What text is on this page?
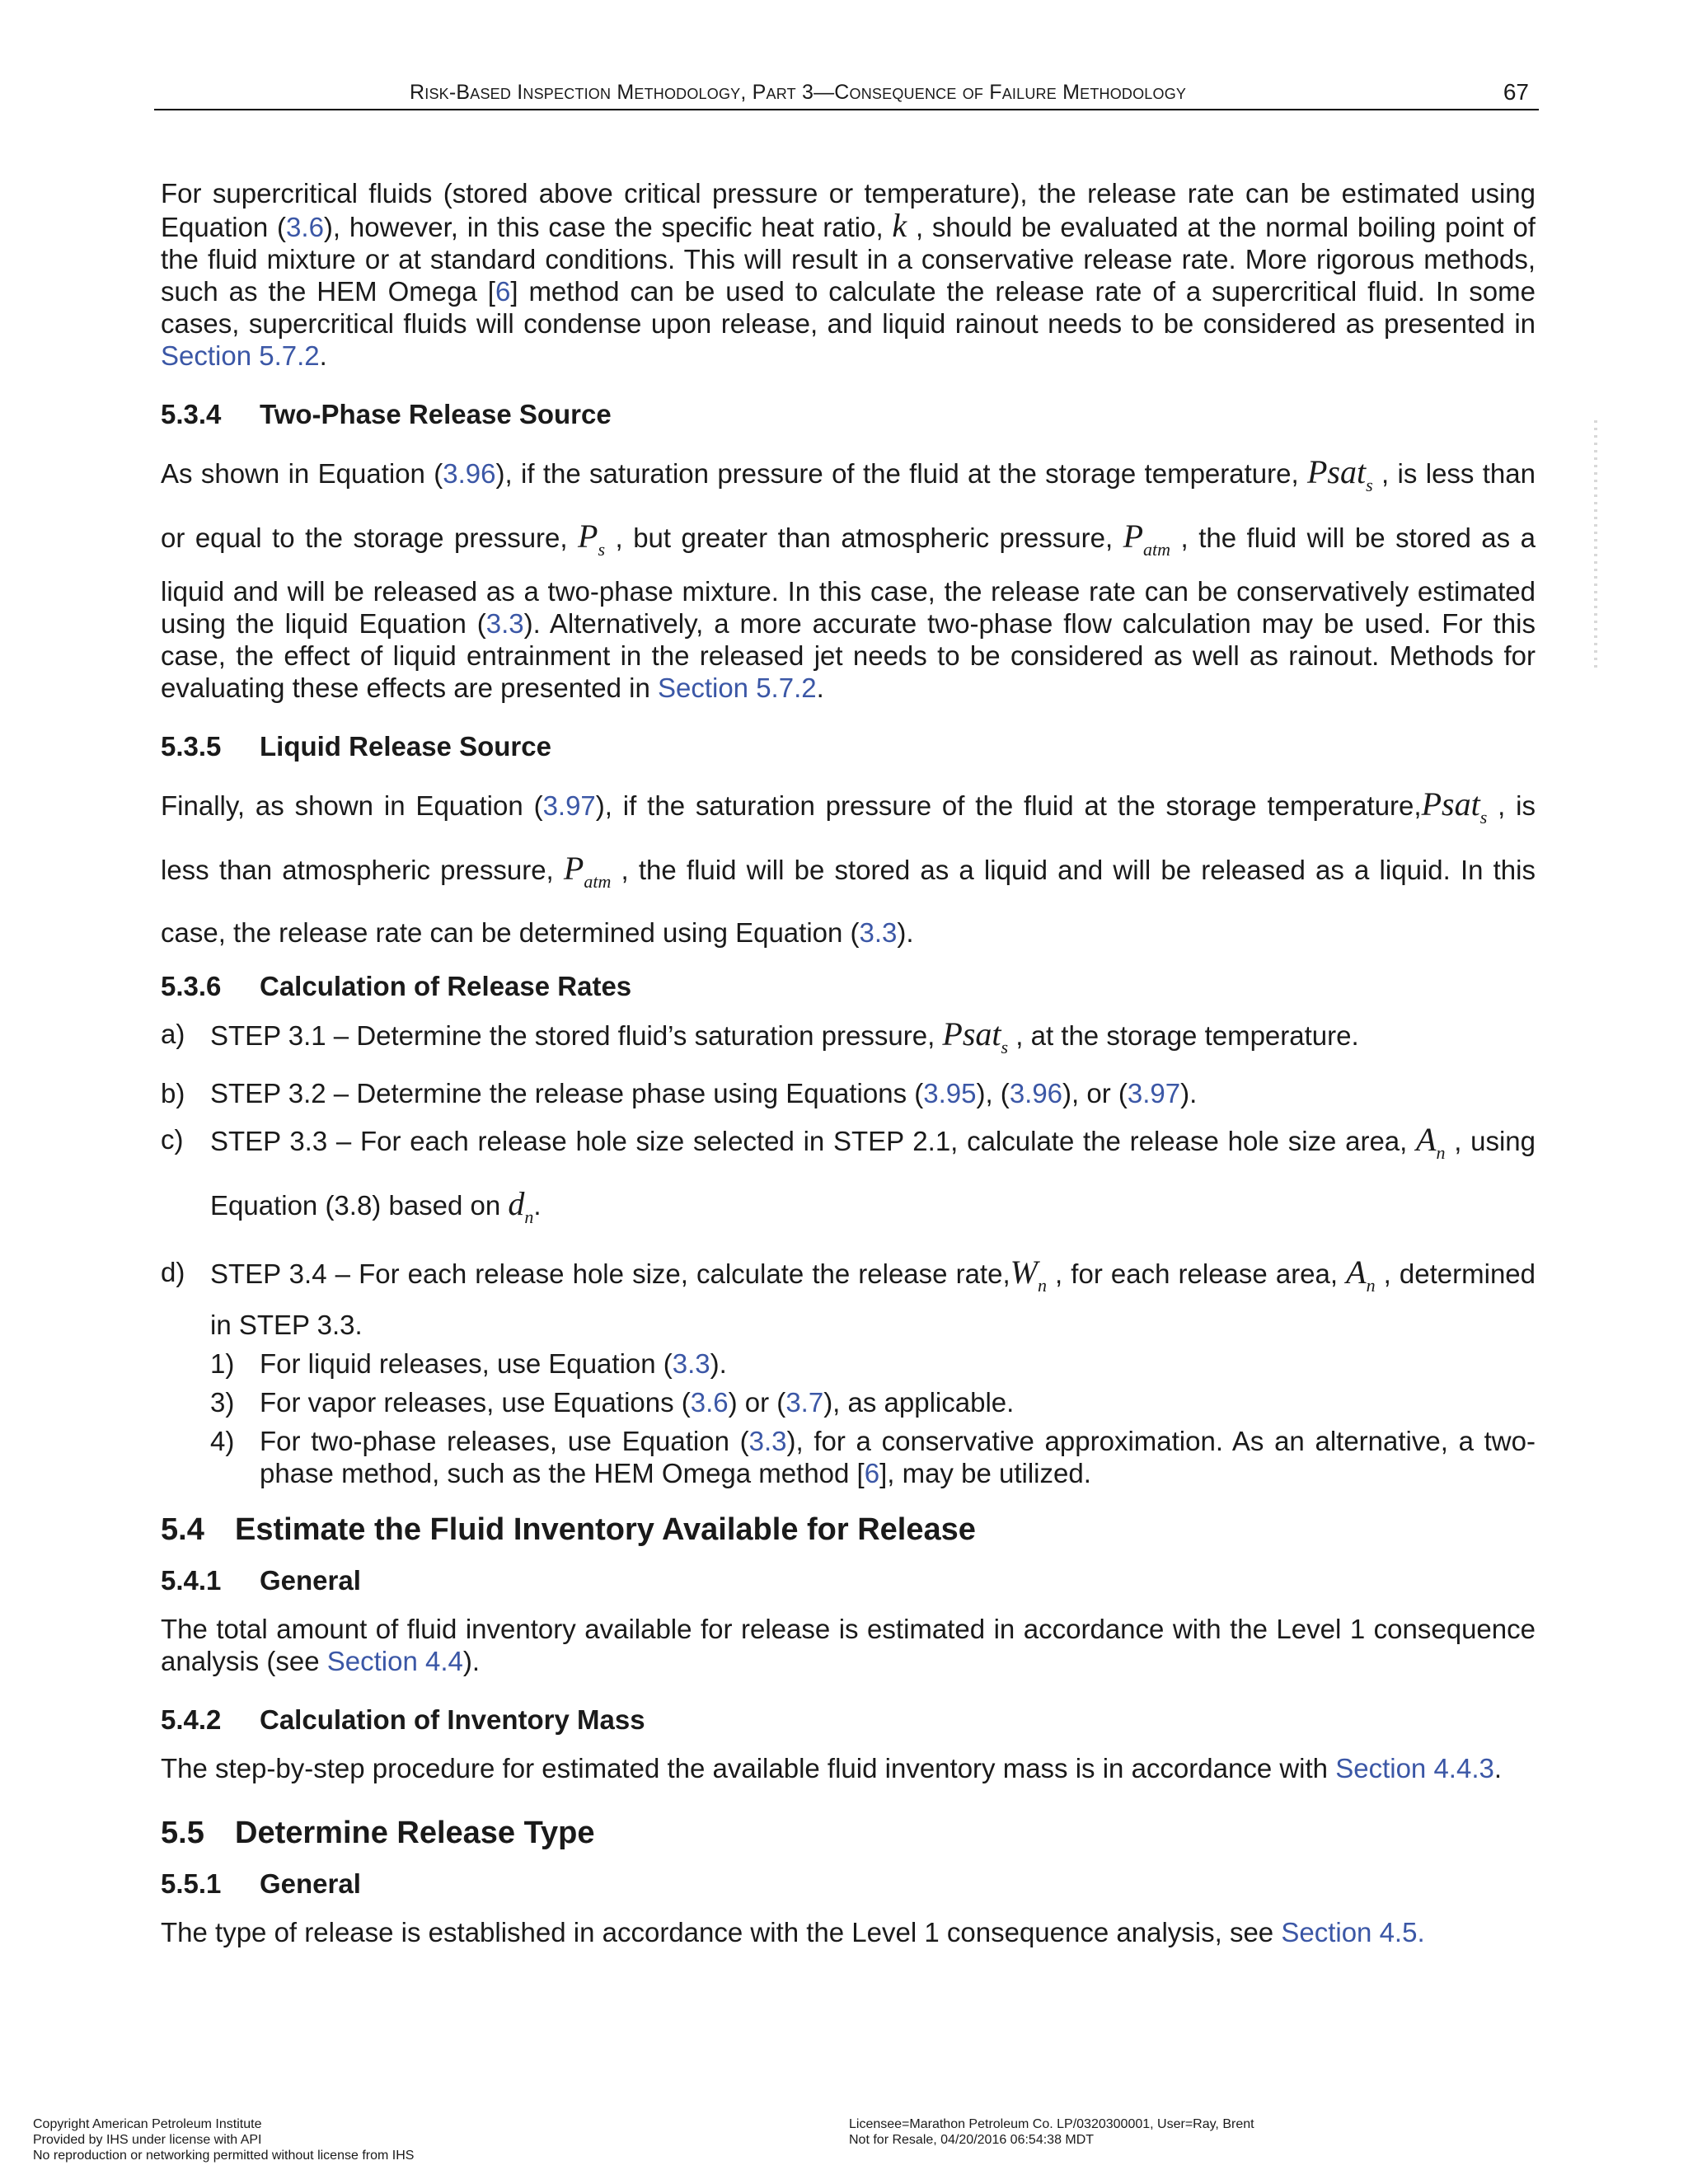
Risk-Based Inspection Methodology, Part 3—Consequence of Failure Methodology	67

For supercritical fluids (stored above critical pressure or temperature), the release rate can be estimated using Equation (3.6), however, in this case the specific heat ratio, k , should be evaluated at the normal boiling point of the fluid mixture or at standard conditions. This will result in a conservative release rate. More rigorous methods, such as the HEM Omega [6] method can be used to calculate the release rate of a supercritical fluid. In some cases, supercritical fluids will condense upon release, and liquid rainout needs to be considered as presented in Section 5.7.2.

5.3.4 Two-Phase Release Source

As shown in Equation (3.96), if the saturation pressure of the fluid at the storage temperature, Psat$_s$ , is less than or equal to the storage pressure, $P_s$ , but greater than atmospheric pressure, $P_{atm}$ , the fluid will be stored as a liquid and will be released as a two-phase mixture. In this case, the release rate can be conservatively estimated using the liquid Equation (3.3). Alternatively, a more accurate two-phase flow calculation may be used. For this case, the effect of liquid entrainment in the released jet needs to be considered as well as rainout. Methods for evaluating these effects are presented in Section 5.7.2.

5.3.5 Liquid Release Source

Finally, as shown in Equation (3.97), if the saturation pressure of the fluid at the storage temperature,Psat$_s$ , is less than atmospheric pressure, $P_{atm}$ , the fluid will be stored as a liquid and will be released as a liquid. In this case, the release rate can be determined using Equation (3.3).

5.3.6 Calculation of Release Rates
a) STEP 3.1 – Determine the stored fluid’s saturation pressure, Psat$_s$ , at the storage temperature.
b) STEP 3.2 – Determine the release phase using Equations (3.95), (3.96), or (3.97).
c) STEP 3.3 – For each release hole size selected in STEP 2.1, calculate the release hole size area, $A_n$ , using Equation (3.8) based on $d_n$.
d) STEP 3.4 – For each release hole size, calculate the release $rate,W_n$ , for each release area, $A_n$ , determined in STEP 3.3.
1) For liquid releases, use Equation (3.3).
3) For vapor releases, use Equations (3.6) or (3.7), as applicable.
4) For two-phase releases, use Equation (3.3), for a conservative approximation. As an alternative, a two-phase method, such as the HEM Omega method [6], may be utilized.
5.4 Estimate the Fluid Inventory Available for Release
5.4.1 General

The total amount of fluid inventory available for release is estimated in accordance with the Level 1 consequence analysis (see Section 4.4).

5.4.2 Calculation of Inventory Mass

The step-by-step procedure for estimated the available fluid inventory mass is in accordance with Section 4.4.3.

5.5 Determine Release Type
5.5.1 General

The type of release is established in accordance with the Level 1 consequence analysis, see Section 4.5.

Copyright American Petroleum Institute
Provided by IHS under license with API
No reproduction or networking permitted without license from IHS
Licensee=Marathon Petroleum Co. LP/0320300001, User=Ray, Brent
Not for Resale, 04/20/2016 06:54:38 MDT
